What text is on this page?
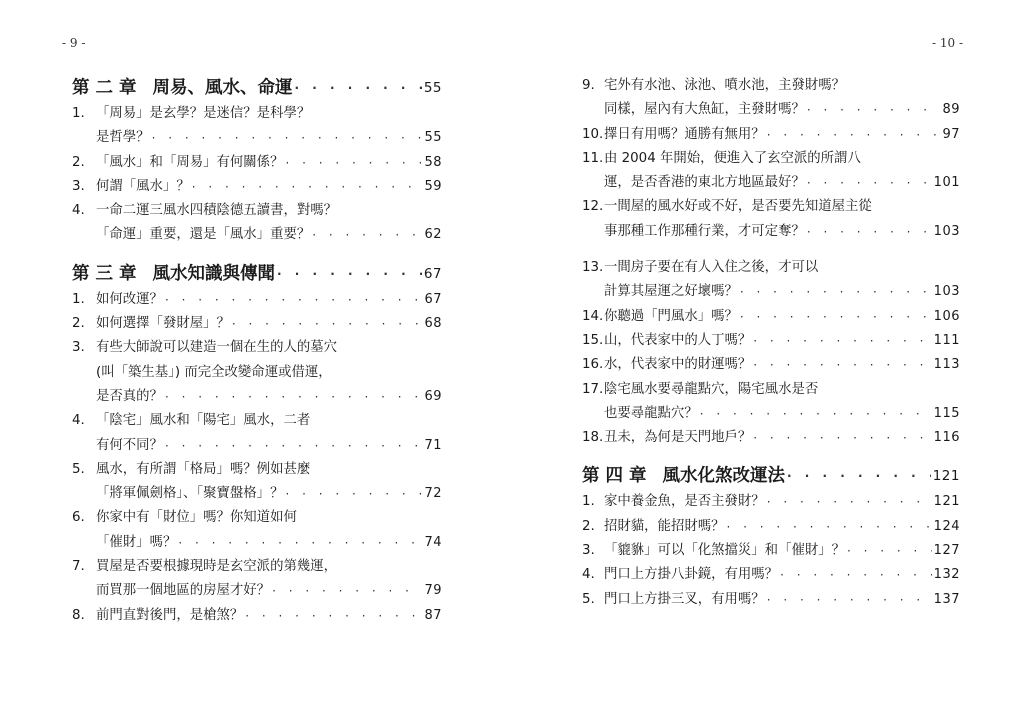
- 9 -
第二章 周易、風水、命運 · · ·	55
1. 「周易」是玄學？是迷信？是科學？
是哲學？ · · ·	55
2. 「風水」和「周易」有何關係？ · · ·	58
3. 何謂「風水」？ · · ·	59
4. 一命二運三風水四積陰德五讀書，對嗎？
「命運」重要，還是「風水」重要？ · · ·	62
第三章 風水知識與傳聞 · · ·	67
1. 如何改運？ · · ·	67
2. 如何選擇「發財屋」？ · · ·	68
3. 有些大師說可以建造一個在生的人的墓穴
(叫「築生基」) 而完全改變命運或借運，
是否真的？ · · ·	69
4. 「陰宅」風水和「陽宅」風水，二者
有何不同？ · · ·	71
5. 風水，有所謂「格局」嗎？例如甚麼
「將軍佩劍格」、「聚寶盤格」？ · · ·	72
6. 你家中有「財位」嗎？你知道如何
「催財」嗎？ · · ·	74
7. 買屋是否要根據現時是玄空派的第幾運，
而買那一個地區的房屋才好？ · · ·	79
8. 前門直對後門，是槍煞？ · · ·	87
- 10 -
9. 宅外有水池、泳池、噴水池，主發財嗎？
同樣，屋內有大魚缸，主發財嗎？ · · ·	89
10. 擇日有用嗎？通勝有無用？ · · ·	97
11. 由 2004 年開始，便進入了玄空派的所謂八
運，是否香港的東北方地區最好？ · · ·	101
12. 一間屋的風水好或不好，是否要先知道屋主從
事那種工作那種行業，才可定奪？ · · ·	103
13. 一間房子要在有人入住之後，才可以
計算其屋運之好壞嗎？ · · ·	103
14. 你聽過「門風水」嗎？ · · ·	106
15. 山，代表家中的人丁嗎？ · · ·	111
16. 水，代表家中的財運嗎？ · · ·	113
17. 陰宅風水要尋龍點穴，陽宅風水是否
也要尋龍點穴？ · · ·	115
18. 丑未，為何是天門地戶？ · · ·	116
第四章 風水化煞改運法 · · ·	121
1. 家中養金魚，是否主發財？ · · ·	121
2. 招財貓，能招財嗎？ · · ·	124
3. 「貔貅」可以「化煞擋災」和「催財」？ · · ·	127
4. 門口上方掛八卦鏡，有用嗎？ · · ·	132
5. 門口上方掛三叉，有用嗎？ · · ·	137
